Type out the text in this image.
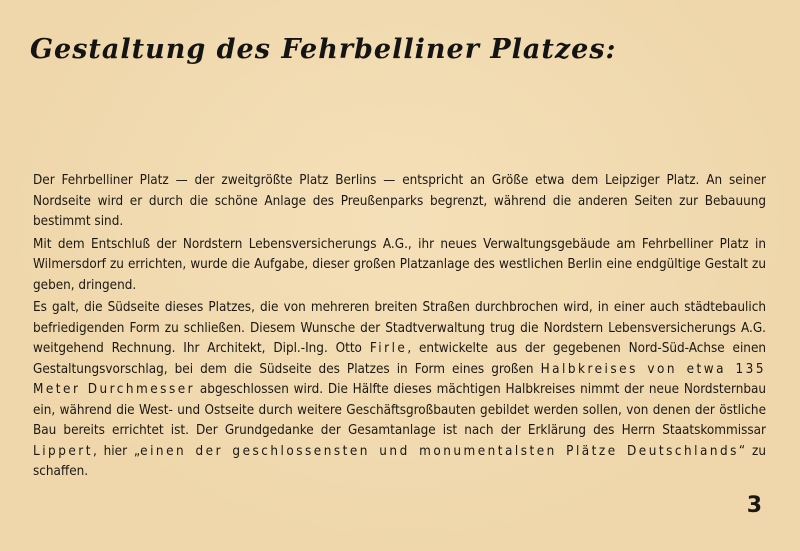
Gestaltung des Fehrbelliner Platzes:

Der Fehrbelliner Platz — der zweitgrößte Platz Berlins — entspricht an Größe etwa dem Leipziger Platz. An seiner Nordseite wird er durch die schöne Anlage des Preußenparks begrenzt, während die anderen Seiten zur Bebauung bestimmt sind.

Mit dem Entschluß der Nordstern Lebensversicherungs A.G., ihr neues Verwaltungsgebäude am Fehrbelliner Platz in Wilmersdorf zu errichten, wurde die Aufgabe, dieser großen Platzanlage des westlichen Berlin eine endgültige Gestalt zu geben, dringend.

Es galt, die Südseite dieses Platzes, die von mehreren breiten Straßen durchbrochen wird, in einer auch städtebaulich befriedigenden Form zu schließen. Diesem Wunsche der Stadtverwaltung trug die Nordstern Lebensversicherungs A.G. weitgehend Rechnung. Ihr Architekt, Dipl.-Ing. Otto Firle, entwickelte aus der gegebenen Nord-Süd-Achse einen Gestaltungsvorschlag, bei dem die Südseite des Platzes in Form eines großen Halbkreises von etwa 135 Meter Durchmesser abgeschlossen wird. Die Hälfte dieses mächtigen Halbkreises nimmt der neue Nordsternbau ein, während die West- und Ostseite durch weitere Geschäftsgroßbauten gebildet werden sollen, von denen der östliche Bau bereits errichtet ist. Der Grundgedanke der Gesamtanlage ist nach der Erklärung des Herrn Staatskommissar Lippert, hier „einen der geschlossensten und monumentalsten Plätze Deutschlands“ zu schaffen.

3
